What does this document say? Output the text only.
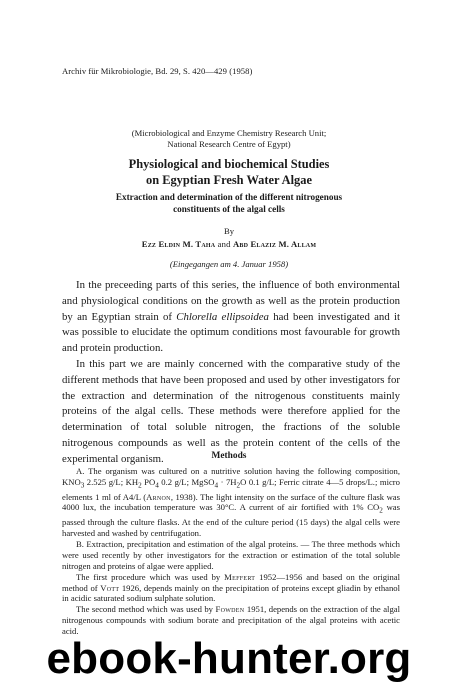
Archiv für Mikrobiologie, Bd. 29, S. 420—429 (1958)
(Microbiological and Enzyme Chemistry Research Unit;
National Research Centre of Egypt)
Physiological and biochemical Studies
on Egyptian Fresh Water Algae
Extraction and determination of the different nitrogenous
constituents of the algal cells
By
Ezz Eldin M. Taha and Abd Elaziz M. Allam
(Eingegangen am 4. Januar 1958)

In the preceeding parts of this series, the influence of both environmental and physiological conditions on the growth as well as the protein production by an Egyptian strain of Chlorella ellipsoidea had been investigated and it was possible to elucidate the optimum conditions most favourable for growth and protein production.

In this part we are mainly concerned with the comparative study of the different methods that have been proposed and used by other investigators for the extraction and determination of the nitrogenous constituents mainly proteins of the algal cells. These methods were therefore applied for the determination of total soluble nitrogen, the fractions of the soluble nitrogenous compounds as well as the protein content of the cells of the experimental organism.	Methods

A. The organism was cultured on a nutritive solution having the following composition, $KNO_3$ 2.525 g/L; $KH_2$ $PO_4$ 0.2 g/L; MgSO$_4$ · $7H_2O$ 0.1 g/L; Ferric citrate 4—5 drops/L.; micro elements 1 ml of A4/L (Arnon, 1938). The light intensity on the surface of the culture flask was 4000 lux, the incubation temperature was 30°C. A current of air fortified with 1% $CO_2$ was passed through the culture flasks. At the end of the culture period (15 days) the algal cells were harvested and washed by centrifugation.

B. Extraction, precipitation and estimation of the algal proteins. — The three methods which were used recently by other investigators for the extraction or estimation of the total soluble nitrogen and proteins of algae were applied.

The first procedure which was used by Meffert 1952—1956 and based on the original method of Vott 1926, depends mainly on the precipitation of proteins except gliadin by ethanol in acidic saturated sodium sulphate solution.

The second method which was used by Fowden 1951, depends on the extraction of the algal nitrogenous compounds with sodium borate and precipitation of the algal proteins with acetic acid.

ebook-hunter.org
